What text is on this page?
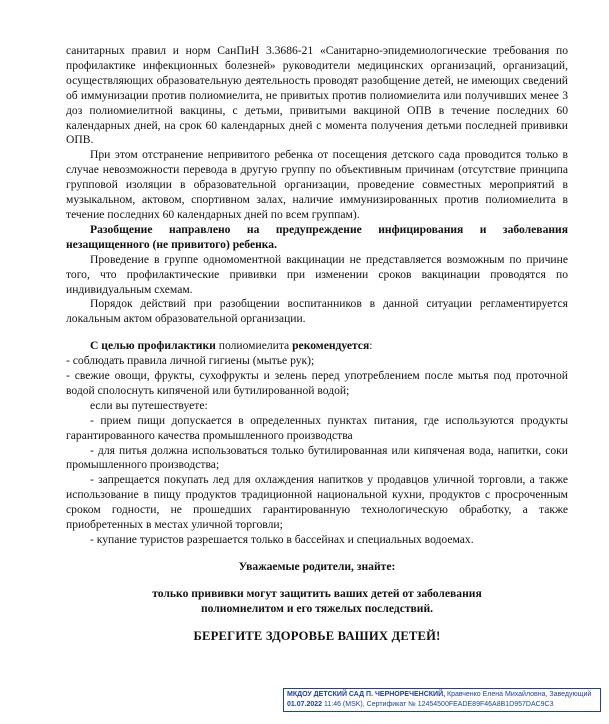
санитарных правил и норм СанПиН 3.3686-21 «Санитарно-эпидемиологические требования по профилактике инфекционных болезней» руководители медицинских организаций, организаций, осуществляющих образовательную деятельность проводят разобщение детей, не имеющих сведений об иммунизации против полиомиелита, не привитых против полиомиелита или получивших менее 3 доз полиомиелитной вакцины, с детьми, привитыми вакциной ОПВ в течение последних 60 календарных дней, на срок 60 календарных дней с момента получения детьми последней прививки ОПВ.

При этом отстранение непривитого ребенка от посещения детского сада проводится только в случае невозможности перевода в другую группу по объективным причинам (отсутствие принципа групповой изоляции в образовательной организации, проведение совместных мероприятий в музыкальном, актовом, спортивном залах, наличие иммунизированных против полиомиелита в течение последних 60 календарных дней по всем группам).

Разобщение направлено на предупреждение инфицирования и заболевания незащищенного (не привитого) ребенка.

Проведение в группе одномоментной вакцинации не представляется возможным по причине того, что профилактические прививки при изменении сроков вакцинации проводятся по индивидуальным схемам.

Порядок действий при разобщении воспитанников в данной ситуации регламентируется локальным актом образовательной организации.

С целью профилактики полиомиелита рекомендуется:

- соблюдать правила личной гигиены (мытье рук);

- свежие овощи, фрукты, сухофрукты и зелень перед употреблением после мытья под проточной водой сполоснуть кипяченой или бутилированной водой;

если вы путешествуете:

- прием пищи допускается в определенных пунктах питания, где используются продукты гарантированного качества промышленного производства

- для питья должна использоваться только бутилированная или кипяченая вода, напитки, соки промышленного производства;

- запрещается покупать лед для охлаждения напитков у продавцов уличной торговли, а также использование в пищу продуктов традиционной национальной кухни, продуктов с просроченным сроком годности, не прошедших гарантированную технологическую обработку, а также приобретенных в местах уличной торговли;

- купание туристов разрешается только в бассейнах и специальных водоемах.

Уважаемые родители, знайте:

только прививки могут защитить ваших детей от заболевания

полиомиелитом и его тяжелых последствий.

БЕРЕГИТЕ ЗДОРОВЬЕ ВАШИХ ДЕТЕЙ!

МКДОУ ДЕТСКИЙ САД П. ЧЕРНОРЕЧЕНСКИЙ, Кравченко Елена Михайловна, Заведующий
01.07.2022 11:46 (MSK), Сертификат № 12454500FEADE89F46A8B1D957DAC9C3
